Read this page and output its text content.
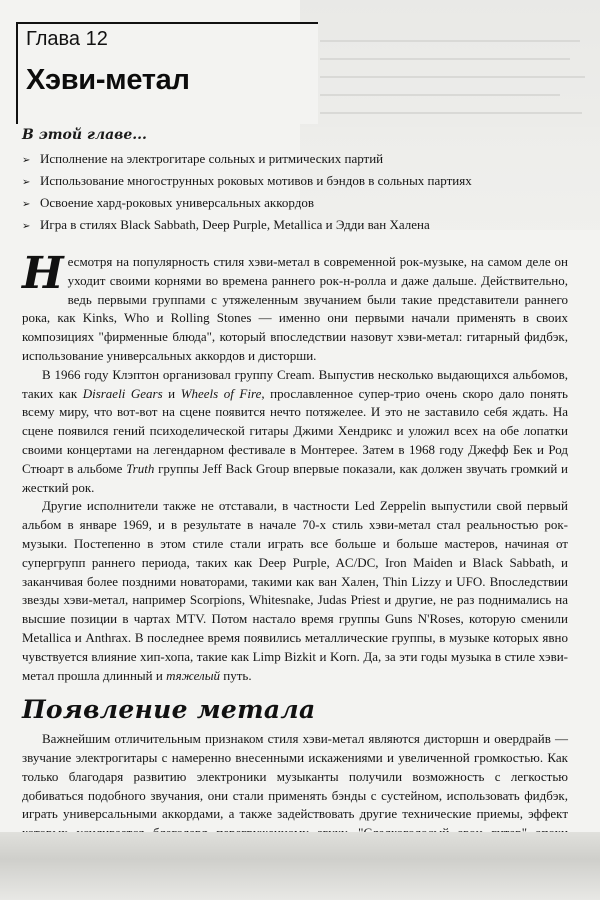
Глава 12
Хэви-метал
В этой главе...
➢ Исполнение на электрогитаре сольных и ритмических партий
➢ Использование многострунных роковых мотивов и бэндов в сольных партиях
➢ Освоение хард-роковых универсальных аккордов
➢ Игра в стилях Black Sabbath, Deep Purple, Metallica и Эдди ван Халена

Несмотря на популярность стиля хэви-метал в современной рок-музыке, на самом деле он уходит своими корнями во времена раннего рок-н-ролла и даже дальше. Действительно, ведь первыми группами с утяжеленным звучанием были такие представители раннего рока, как Kinks, Who и Rolling Stones — именно они первыми начали применять в своих композициях "фирменные блюда", который впоследствии назовут хэви-метал: гитарный фидбэк, использование универсальных аккордов и дисторши.

В 1966 году Клэптон организовал группу Cream. Выпустив несколько выдающихся альбомов, таких как Disraeli Gears и Wheels of Fire, прославленное супер-трио очень скоро дало понять всему миру, что вот-вот на сцене появится нечто потяжелее. И это не заставило себя ждать. На сцене появился гений психоделической гитары Джими Хендрикс и уложил всех на обе лопатки своими концертами на легендарном фестивале в Монтерее. Затем в 1968 году Джефф Бек и Род Стюарт в альбоме Truth группы Jeff Back Group впервые показали, как должен звучать громкий и жесткий рок.

Другие исполнители также не отставали, в частности Led Zeppelin выпустили свой первый альбом в январе 1969, и в результате в начале 70-х стиль хэви-метал стал реальностью рок-музыки. Постепенно в этом стиле стали играть все больше и больше мастеров, начиная от супергрупп раннего периода, таких как Deep Purple, AC/DC, Iron Maiden и Black Sabbath, и заканчивая более поздними новаторами, такими как ван Хален, Thin Lizzy и UFO. Впоследствии звезды хэви-метал, например Scorpions, Whitesnake, Judas Priest и другие, не раз поднимались на высшие позиции в чартах MTV. Потом настало время группы Guns N'Roses, которую сменили Metallica и Anthrax. В последнее время появились металлические группы, в музыке которых явно чувствуется влияние хип-хопа, такие как Limp Bizkit и Korn. Да, за эти годы музыка в стиле хэви-метал прошла длинный и тяжелый путь.

Появление метала

Важнейшим отличительным признаком стиля хэви-метал являются дисторшн и овердрайв — звучание электрогитары с намеренно внесенными искажениями и увеличенной громкостью. Как только благодаря развитию электроники музыканты получили возможность с легкостью добиваться подобного звучания, они стали применять бэнды с сустейном, использовать фидбэк, играть универсальными аккордами, а также задействовать другие технические приемы, эффект
